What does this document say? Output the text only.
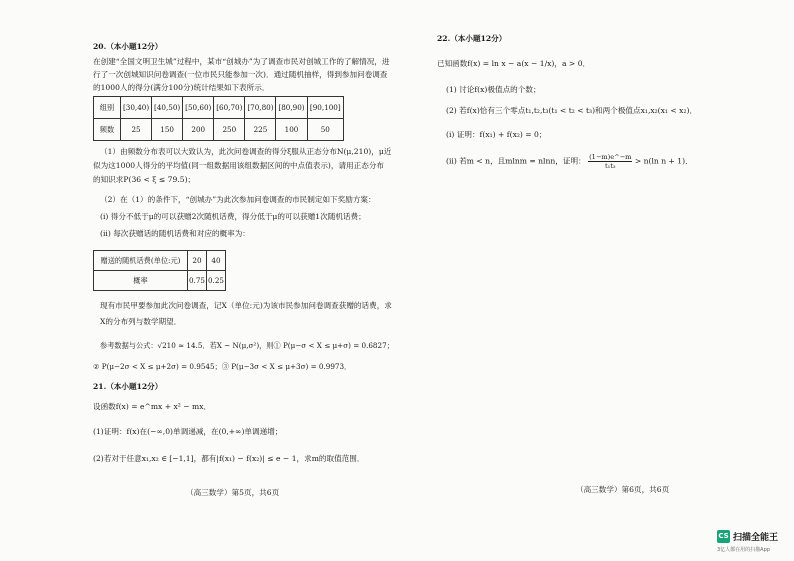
20.（本小题12分）
在创建“全国文明卫生城”过程中，某市“创城办”为了调查市民对创城工作的了解情况，进
行了一次创城知识问卷调查(一位市民只能参加一次)．通过随机抽样，得到参加问卷调查
的1000人的得分(满分100分)统计结果如下表所示．
组别	[30,40)	[40,50)	[50,60)	[60,70)	[70,80)	[80,90)	[90,100]
频数	25	150	200	250	225	100	50
（1）由频数分布表可以大致认为，此次问卷调查的得分ξ服从正态分布N(μ,210)，μ近
似为这1000人得分的平均值(同一组数据用该组数据区间的中点值表示)，请用正态分布
的知识求P(36 < ξ ≤ 79.5)；
（2）在（1）的条件下，“创城办”为此次参加问卷调查的市民制定如下奖励方案：
(i) 得分不低于μ的可以获赠2次随机话费，得分低于μ的可以获赠1次随机话费；
(ii) 每次获赠话的随机话费和对应的概率为：
赠送的随机话费(单位:元)	20	40
概率	0.75	0.25
现有市民甲要参加此次问卷调查，记X（单位:元)为该市民参加问卷调查获赠的话费，求
X的分布列与数学期望．
参考数据与公式：√210 ≈ 14.5．若X ~ N(μ,σ²)，则① P(μ−σ < X ≤ μ+σ) = 0.6827；
② P(μ−2σ < X ≤ μ+2σ) = 0.9545；③ P(μ−3σ < X ≤ μ+3σ) = 0.9973．
21.（本小题12分）
设函数f(x) = e^mx + x² − mx．
(1)证明：f(x)在(−∞,0)单调递减，在(0,+∞)单调递增；
(2)若对于任意x₁,x₂ ∈ [−1,1]，都有|f(x₁) − f(x₂)| ≤ e − 1，求m的取值范围．
（高三数学）第5页，共6页
22.（本小题12分）
已知函数f(x) = ln x − a(x − 1/x)，a > 0．
(1) 讨论f(x)极值点的个数；
(2) 若f(x)恰有三个零点t₁,t₂,t₃(t₁ < t₂ < t₃)和两个极值点x₁,x₂(x₁ < x₂)．
(i) 证明：f(x₁) + f(x₂) = 0；
(ii) 若m < n，且mlnm = nlnn，证明： $\frac{(1-m)e\^{}-m}{\text{t₁t₃}} > n(\ln$ n + 1)．
（高三数学）第6页，共6页
CS 扫描全能王
3亿人都在用的扫描App
